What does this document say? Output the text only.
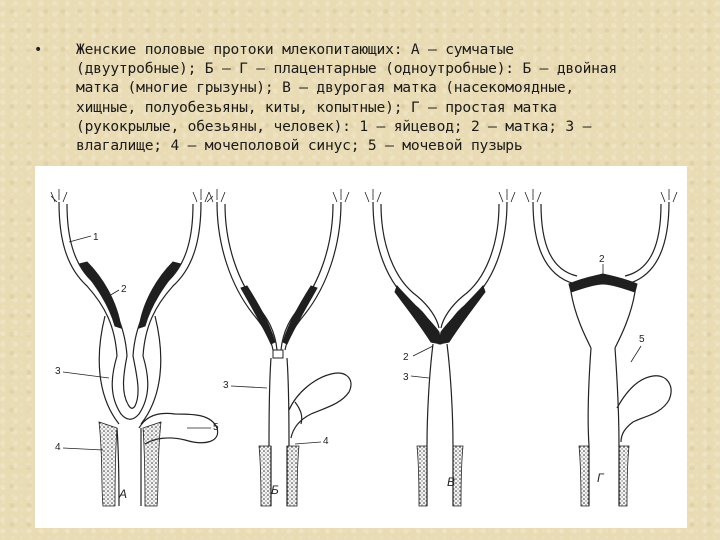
• Женские половые протоки млекопитающих: А – сумчатые
(двуутробные); Б – Г – плацентарные (одноутробные): Б – двойная
матка (многие грызуны); В – двурогая матка (насекомоядные,
хищные, полуобезьяны, киты, копытные); Г – простая матка
(рукокрылые, обезьяны, человек): 1 – яйцевод; 2 – матка; 3 –
влагалище; 4 – мочеполовой синус; 5 – мочевой пузырь

1
2
3
4
5
А
3
4
Б
2
3
В
2
5
Г
